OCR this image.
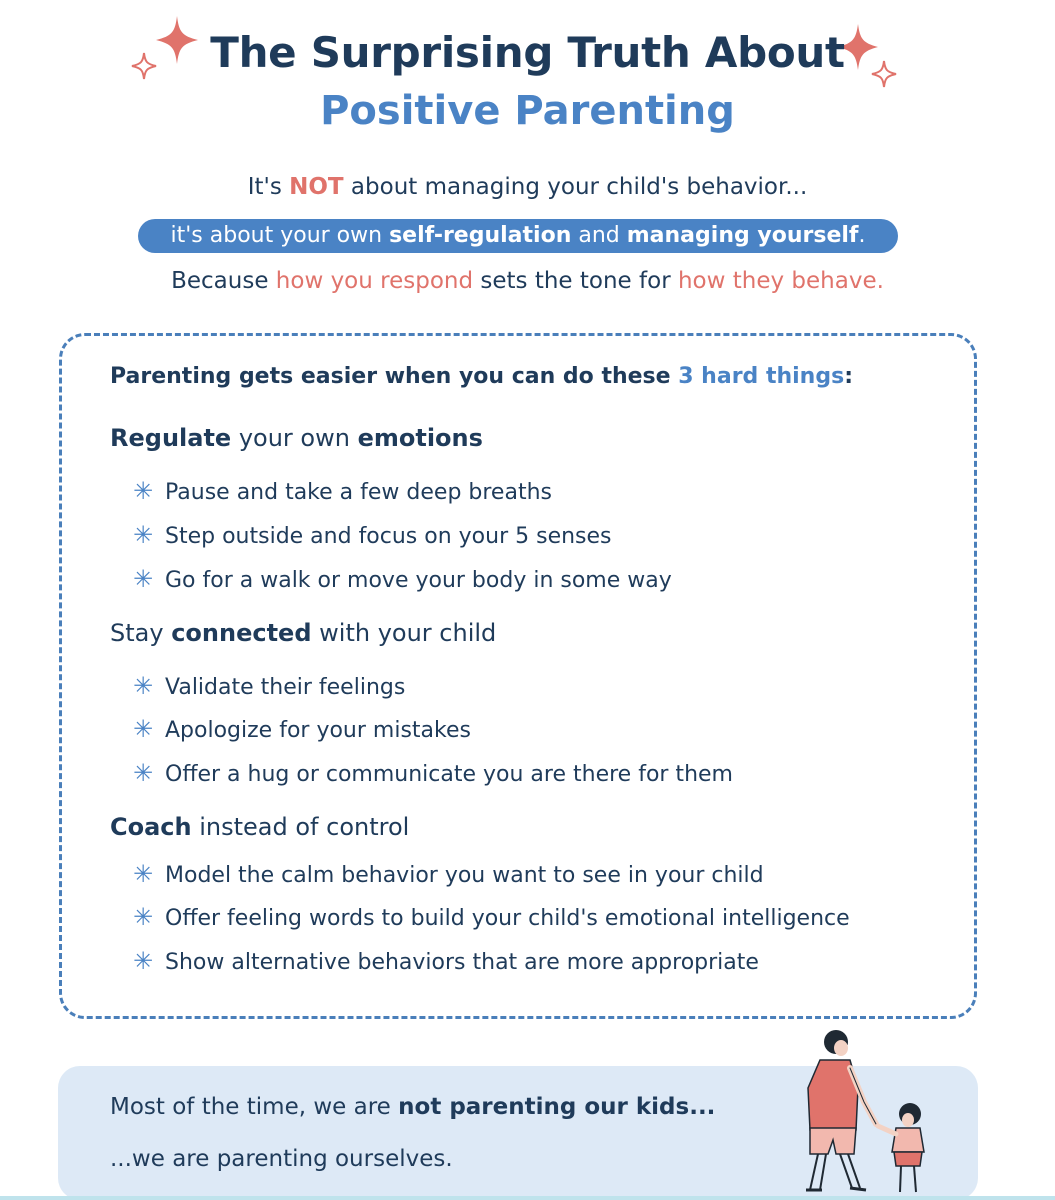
The Surprising Truth About
Positive Parenting
It's NOT about managing your child's behavior...
it's about your own self-regulation and managing yourself.
Because how you respond sets the tone for how they behave.
Parenting gets easier when you can do these 3 hard things:
Regulate your own emotions
✳ Pause and take a few deep breaths
✳ Step outside and focus on your 5 senses
✳ Go for a walk or move your body in some way
Stay connected with your child
✳ Validate their feelings
✳ Apologize for your mistakes
✳ Offer a hug or communicate you are there for them
Coach instead of control
✳ Model the calm behavior you want to see in your child
✳ Offer feeling words to build your child's emotional intelligence
✳ Show alternative behaviors that are more appropriate
Most of the time, we are not parenting our kids...
...we are parenting ourselves.
